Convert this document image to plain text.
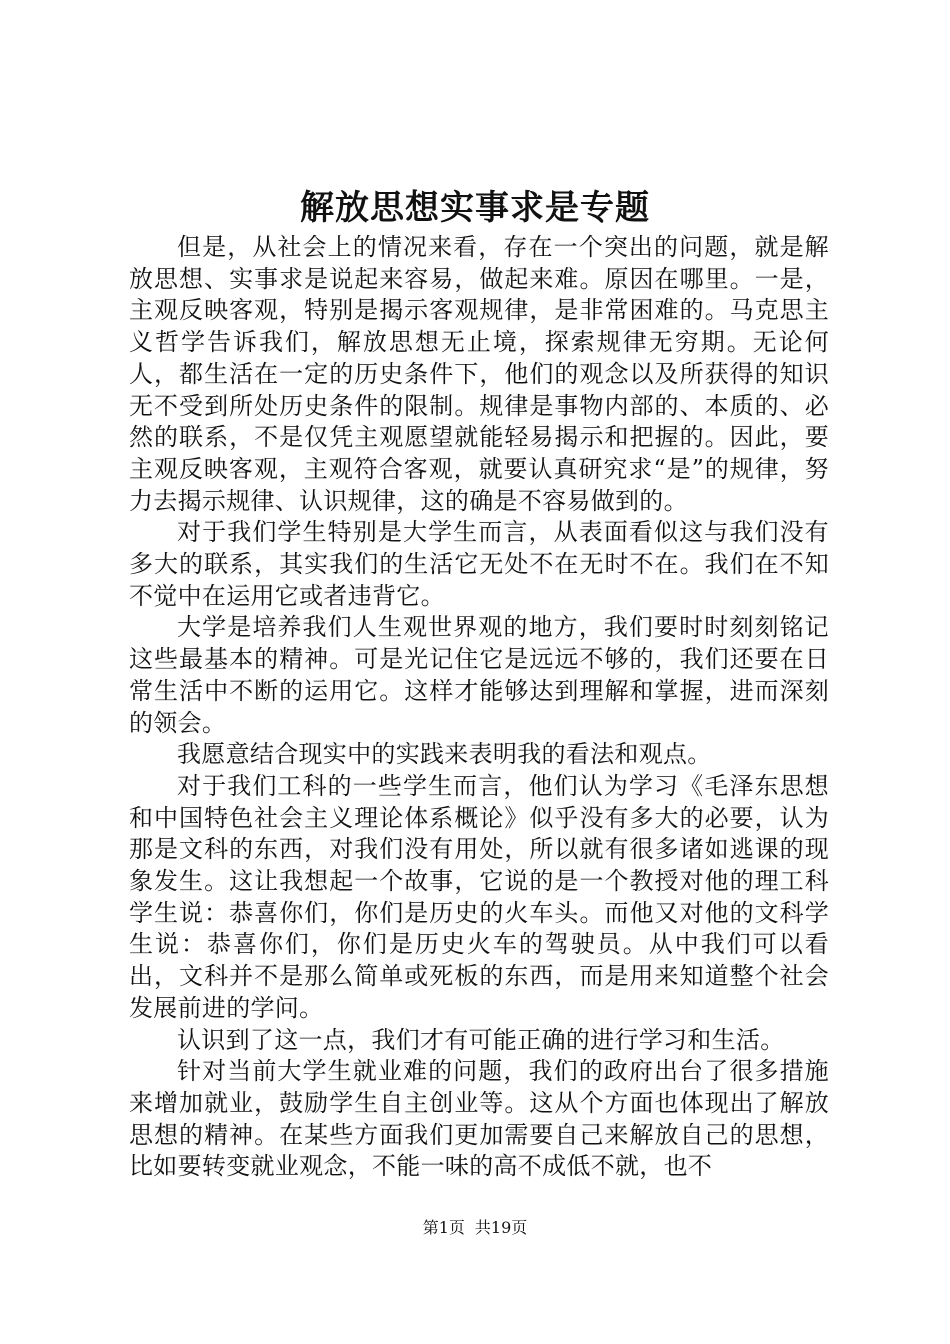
解放思想实事求是专题

但是，从社会上的情况来看，存在一个突出的问题，就是解放思想、实事求是说起来容易，做起来难。原因在哪里。一是，主观反映客观，特别是揭示客观规律，是非常困难的。马克思主义哲学告诉我们，解放思想无止境，探索规律无穷期。无论何人，都生活在一定的历史条件下，他们的观念以及所获得的知识无不受到所处历史条件的限制。规律是事物内部的、本质的、必然的联系，不是仅凭主观愿望就能轻易揭示和把握的。因此，要主观反映客观，主观符合客观，就要认真研究求“是”的规律，努力去揭示规律、认识规律，这的确是不容易做到的。

对于我们学生特别是大学生而言，从表面看似这与我们没有多大的联系，其实我们的生活它无处不在无时不在。我们在不知不觉中在运用它或者违背它。

大学是培养我们人生观世界观的地方，我们要时时刻刻铭记这些最基本的精神。可是光记住它是远远不够的，我们还要在日常生活中不断的运用它。这样才能够达到理解和掌握，进而深刻的领会。

我愿意结合现实中的实践来表明我的看法和观点。

对于我们工科的一些学生而言，他们认为学习《毛泽东思想和中国特色社会主义理论体系概论》似乎没有多大的必要，认为那是文科的东西，对我们没有用处，所以就有很多诸如逃课的现象发生。这让我想起一个故事，它说的是一个教授对他的理工科学生说：恭喜你们，你们是历史的火车头。而他又对他的文科学生说：恭喜你们，你们是历史火车的驾驶员。从中我们可以看出，文科并不是那么简单或死板的东西，而是用来知道整个社会发展前进的学问。

认识到了这一点，我们才有可能正确的进行学习和生活。

针对当前大学生就业难的问题，我们的政府出台了很多措施来增加就业，鼓励学生自主创业等。这从个方面也体现出了解放思想的精神。在某些方面我们更加需要自己来解放自己的思想，比如要转变就业观念，不能一味的高不成低不就，也不

第1页 共19页
